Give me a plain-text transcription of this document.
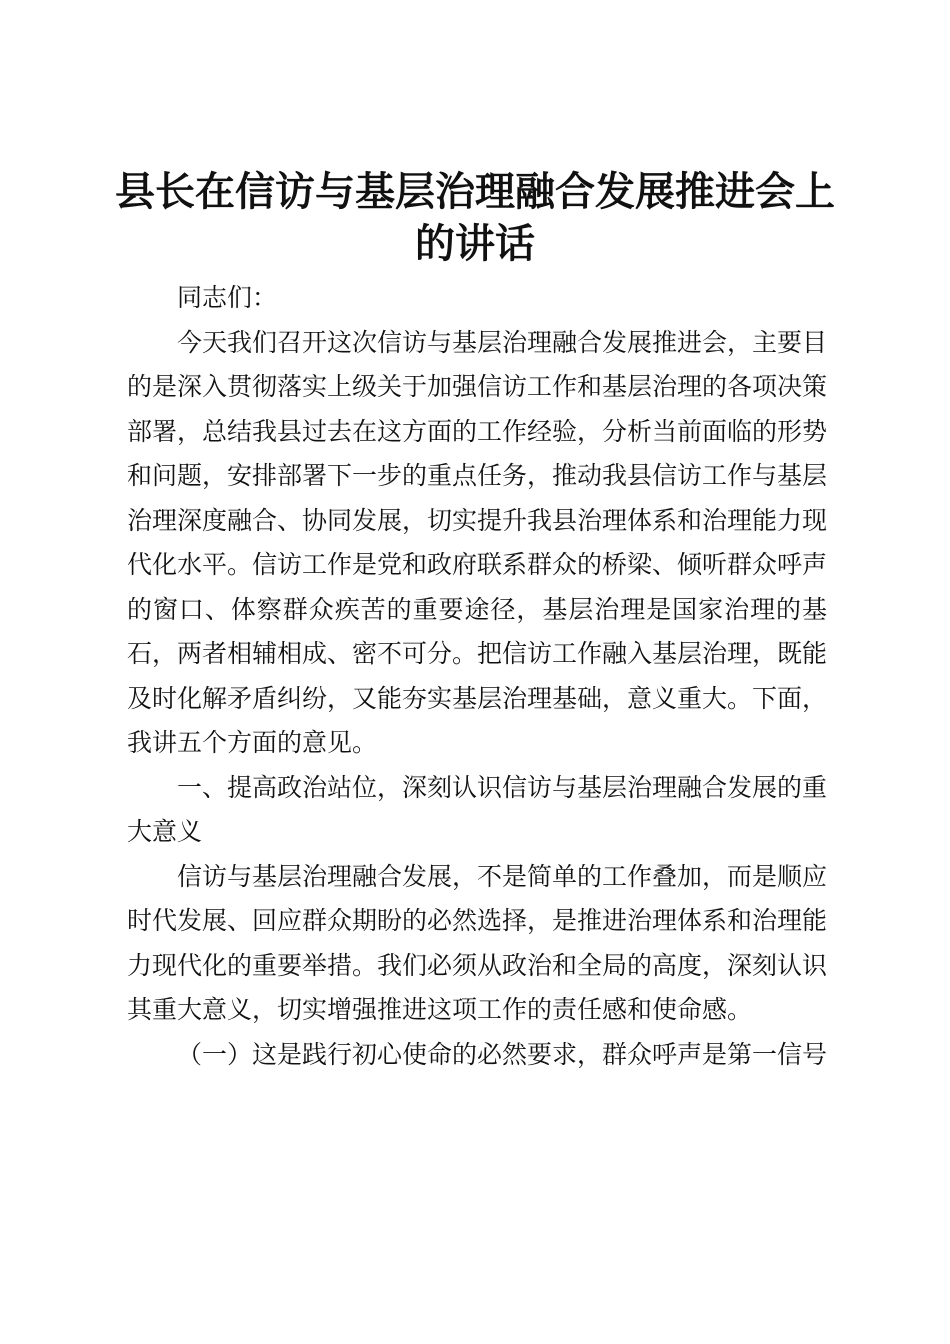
县长在信访与基层治理融合发展推进会上的讲话

同志们：

今天我们召开这次信访与基层治理融合发展推进会，主要目的是深入贯彻落实上级关于加强信访工作和基层治理的各项决策部署，总结我县过去在这方面的工作经验，分析当前面临的形势和问题，安排部署下一步的重点任务，推动我县信访工作与基层治理深度融合、协同发展，切实提升我县治理体系和治理能力现代化水平。信访工作是党和政府联系群众的桥梁、倾听群众呼声的窗口、体察群众疾苦的重要途径，基层治理是国家治理的基石，两者相辅相成、密不可分。把信访工作融入基层治理，既能及时化解矛盾纠纷，又能夯实基层治理基础，意义重大。下面，我讲五个方面的意见。

一、提高政治站位，深刻认识信访与基层治理融合发展的重大意义

信访与基层治理融合发展，不是简单的工作叠加，而是顺应时代发展、回应群众期盼的必然选择，是推进治理体系和治理能力现代化的重要举措。我们必须从政治和全局的高度，深刻认识其重大意义，切实增强推进这项工作的责任感和使命感。

（一）这是践行初心使命的必然要求，群众呼声是第一信号
